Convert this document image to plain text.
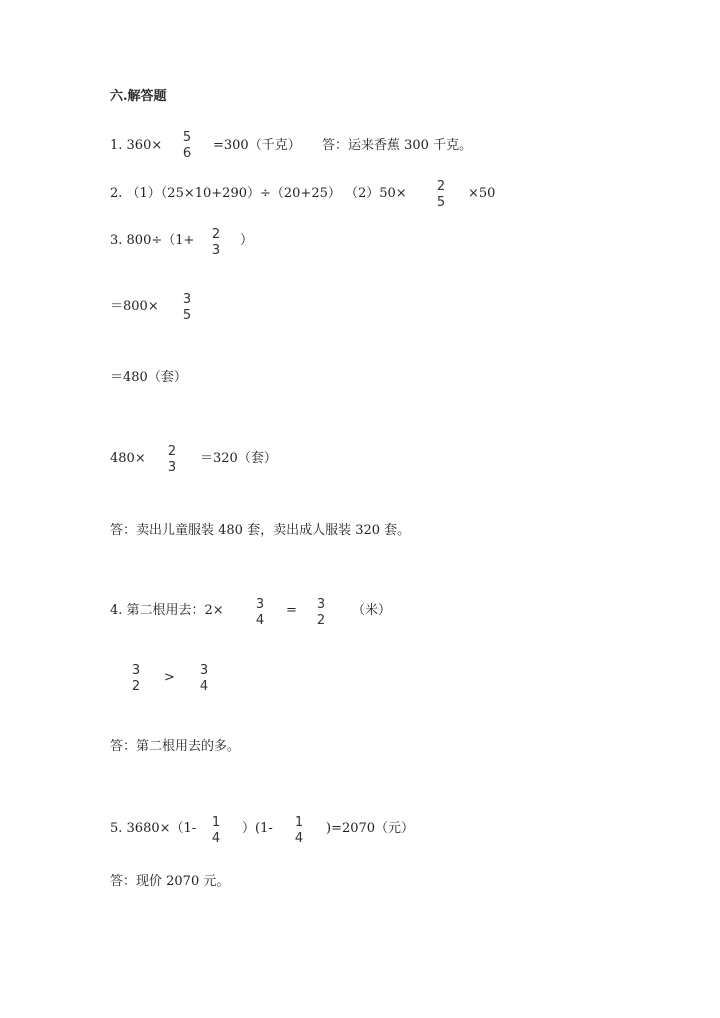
六.解答题
1. 360×
5
6
=300（千克） 答：运来香蕉 300 千克。
2. （1）（25×10+290）÷（20+25） （2）50× 2
5
×50
3. 800÷（1+ 2
3
）
＝800× 3
5
＝480（套）
480× 2
3
＝320（套）
答：卖出儿童服装 480 套，卖出成人服装 320 套。
4. 第二根用去：2× 3
4
= 3
2
（米）
3
2
> 3
4
答：第二根用去的多。
5. 3680×（1- 1
4
）(1- 1
4
)=2070（元）
答：现价 2070 元。
